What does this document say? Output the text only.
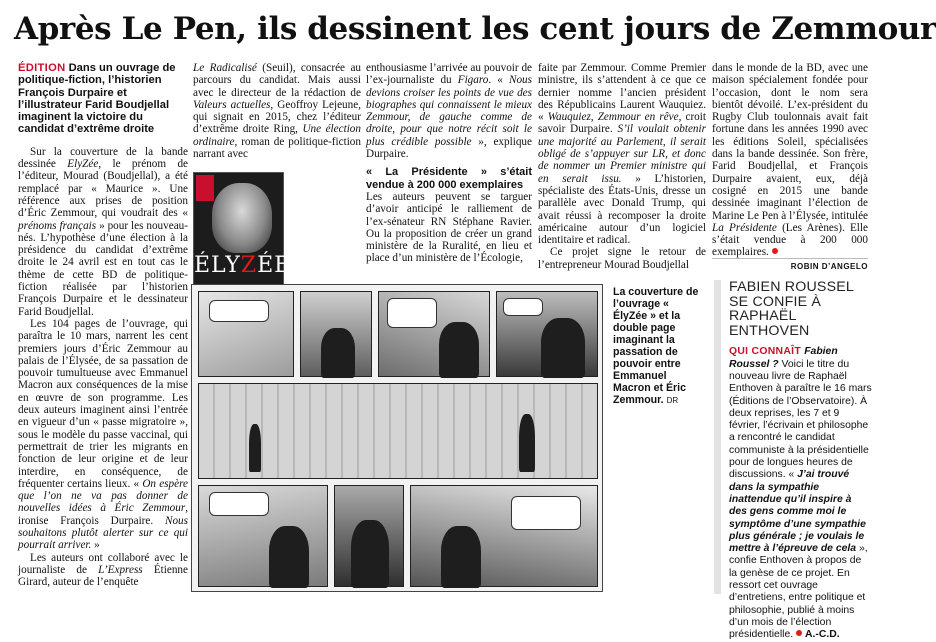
Après Le Pen, ils dessinent les cent jours de Zemmour

ÉDITION Dans un ouvrage de politique-fiction, l’historien François Durpaire et l’illustrateur Farid Boudjellal imaginent la victoire du candidat d’extrême droite

Sur la couverture de la bande dessinée ElyZée, le prénom de l’éditeur, Mourad (Boudjellal), a été remplacé par « Maurice ». Une référence aux prises de position d’Éric Zemmour, qui voudrait des « prénoms français » pour les nouveau-nés. L’hypothèse d’une élection à la présidence du candidat d’extrême droite le 24 avril est en tout cas le thème de cette BD de politique-fiction réalisée par l’historien François Durpaire et le dessinateur Farid Boudjellal.

Les 104 pages de l’ouvrage, qui paraîtra le 10 mars, narrent les cent premiers jours d’Éric Zemmour au palais de l’Élysée, de sa passation de pouvoir tumultueuse avec Emmanuel Macron aux conséquences de la mise en œuvre de son programme. Les deux auteurs imaginent ainsi l’entrée en vigueur d’un « passe migratoire », sous le modèle du passe vaccinal, qui permettrait de trier les migrants en fonction de leur origine et de leur interdire, en conséquence, de fréquenter certains lieux. « On espère que l’on ne va pas donner de nouvelles idées à Éric Zemmour, ironise François Durpaire. Nous souhaitons plutôt alerter sur ce qui pourrait arriver. »

Les auteurs ont collaboré avec le journaliste de L’Express Étienne Girard, auteur de l’enquête

Le Radicalisé (Seuil), consacrée au parcours du candidat. Mais aussi avec le directeur de la rédaction de Valeurs actuelles, Geoffroy Lejeune, qui signait en 2015, chez l’éditeur d’extrême droite Ring, Une élection ordinaire, roman de politique-fiction narrant avec

enthousiasme l’arrivée au pouvoir de l’ex-journaliste du Figaro. « Nous devions croiser les points de vue des biographes qui connaissent le mieux Zemmour, de gauche comme de droite, pour que notre récit soit le plus crédible possible », explique Durpaire.

« La Présidente » s’était vendue à 200 000 exemplaires

Les auteurs peuvent se targuer d’avoir anticipé le ralliement de l’ex-sénateur RN Stéphane Ravier. Ou la proposition de créer un grand ministère de la Ruralité, en lieu et place d’un ministère de l’Écologie,

faite par Zemmour. Comme Premier ministre, ils s’attendent à ce que ce dernier nomme l’ancien président des Républicains Laurent Wauquiez. « Wauquiez, Zemmour en rêve, croit savoir Durpaire. S’il voulait obtenir une majorité au Parlement, il serait obligé de s’appuyer sur LR, et donc de nommer un Premier ministre qui en serait issu. » L’historien, spécialiste des États-Unis, dresse un parallèle avec Donald Trump, qui avait réussi à recomposer la droite américaine autour d’un logiciel identitaire et radical.

Ce projet signe le retour de l’entrepreneur Mourad Boudjellal

dans le monde de la BD, avec une maison spécialement fondée pour l’occasion, dont le nom sera bientôt dévoilé. L’ex-président du Rugby Club toulonnais avait fait fortune dans les années 1990 avec les éditions Soleil, spécialisées dans la bande dessinée. Son frère, Farid Boudjellal, et François Durpaire avaient, eux, déjà cosigné en 2015 une bande dessinée imaginant l’élection de Marine Le Pen à l’Élysée, intitulée La Présidente (Les Arènes). Elle s’était vendue à 200 000 exemplaires.

ROBIN D’ANGELO
ÉLYZÉE
La couverture de l’ouvrage « ÉlyZée » et la double page imaginant la passation de pouvoir entre Emmanuel Macron et Éric Zemmour. DR
FABIEN ROUSSEL SE CONFIE À RAPHAËL ENTHOVEN

QUI CONNAÎT Fabien Roussel ? Voici le titre du nouveau livre de Raphaël Enthoven à paraître le 16 mars (Éditions de l’Observatoire). À deux reprises, les 7 et 9 février, l’écrivain et philosophe a rencontré le candidat communiste à la présidentielle pour de longues heures de discussions. « J’ai trouvé dans la sympathie inattendue qu’il inspire à des gens comme moi le symptôme d’une sympathie plus générale ; je voulais le mettre à l’épreuve de cela », confie Enthoven à propos de la genèse de ce projet. En ressort cet ouvrage d’entretiens, entre politique et philosophie, publié à moins d’un mois de l’élection présidentielle. A.-C.D.
